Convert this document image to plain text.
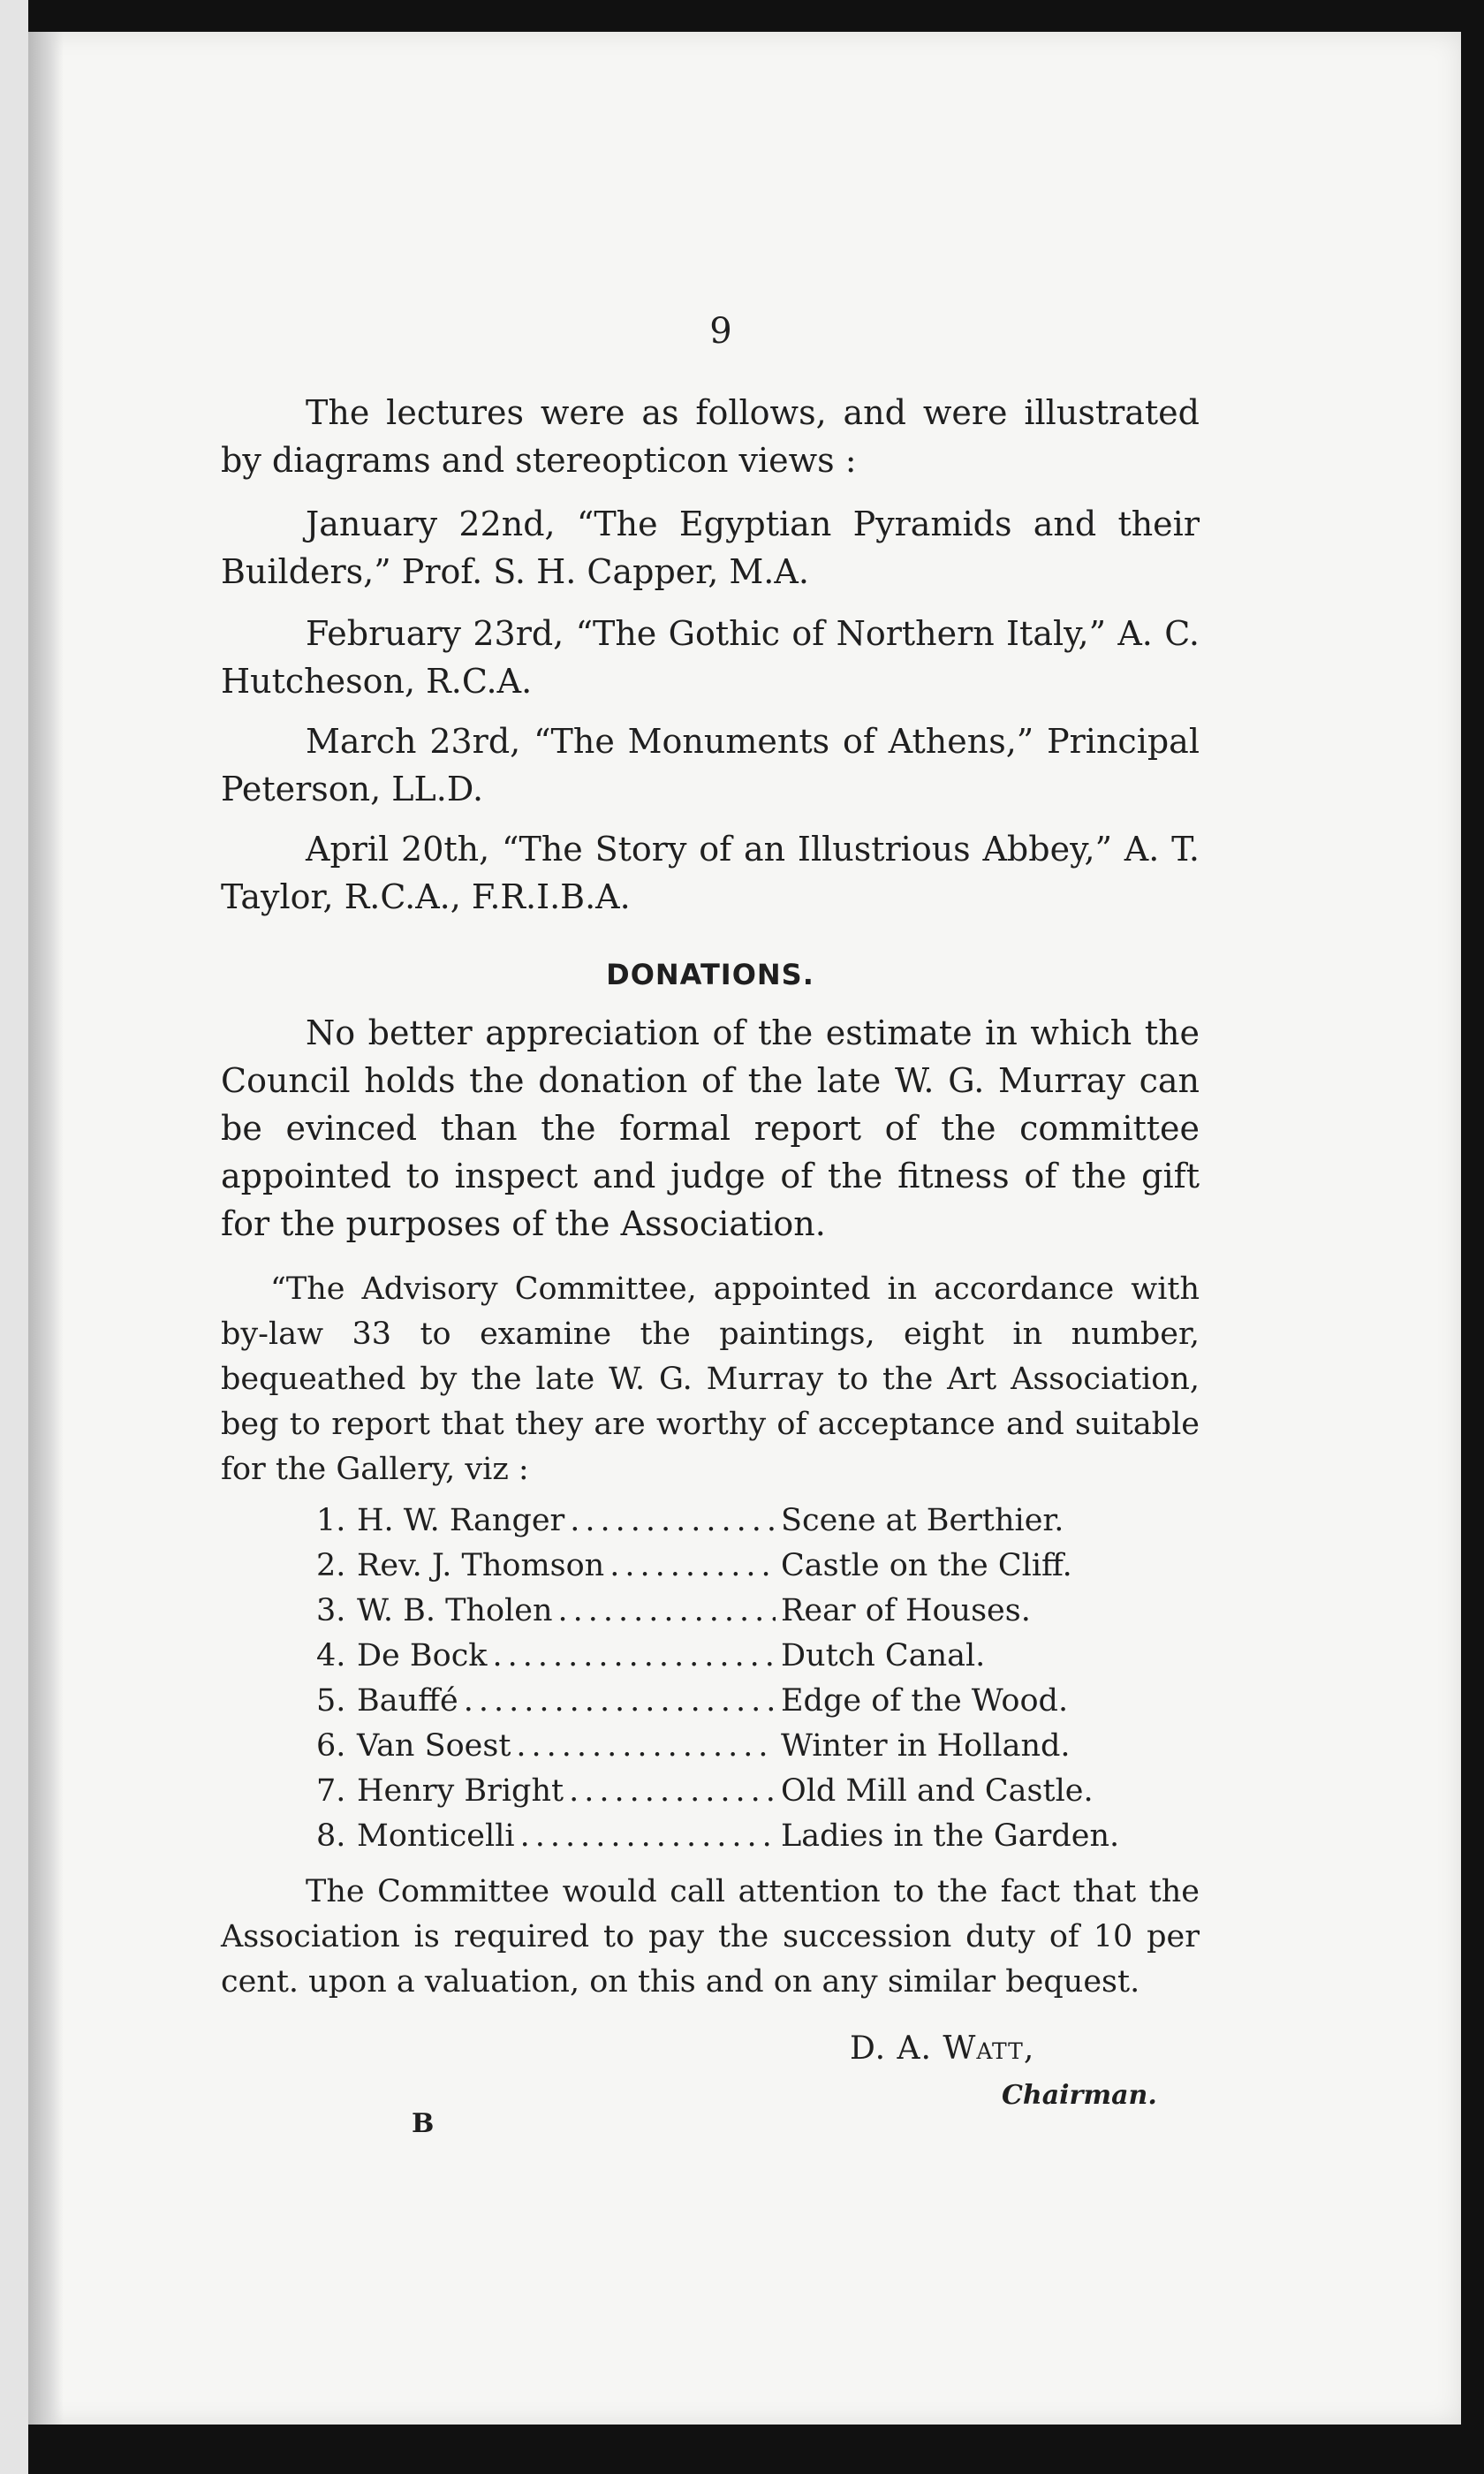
9

The lectures were as follows, and were illustrated by diagrams and stereopticon views :

January 22nd, “The Egyptian Pyramids and their Builders,” Prof. S. H. Capper, M.A.

February 23rd, “The Gothic of Northern Italy,” A. C. Hutcheson, R.C.A.

March 23rd, “The Monuments of Athens,” Principal Peterson, LL.D.

April 20th, “The Story of an Illustrious Abbey,” A. T. Taylor, R.C.A., F.R.I.B.A.

DONATIONS.

No better appreciation of the estimate in which the Council holds the donation of the late W. G. Murray can be evinced than the formal report of the committee appointed to inspect and judge of the fitness of the gift for the purposes of the Association.

“The Advisory Committee, appointed in accordance with by-law 33 to examine the paintings, eight in number, bequeathed by the late W. G. Murray to the Art Association, beg to report that they are worthy of acceptance and suitable for the Gallery, viz :

1. H. W. Ranger .....	Scene at Berthier.
2. Rev. J. Thomson .....	Castle on the Cliff.
3. W. B. Tholen .....	Rear of Houses.
4. De Bock .....	Dutch Canal.
5. Bauffé .....	Edge of the Wood.
6. Van Soest .....	Winter in Holland.
7. Henry Bright .....	Old Mill and Castle.
8. Monticelli .....	Ladies in the Garden.

The Committee would call attention to the fact that the Association is required to pay the succession duty of 10 per cent. upon a valuation, on this and on any similar bequest.

D. A. Watt,
Chairman.
B
